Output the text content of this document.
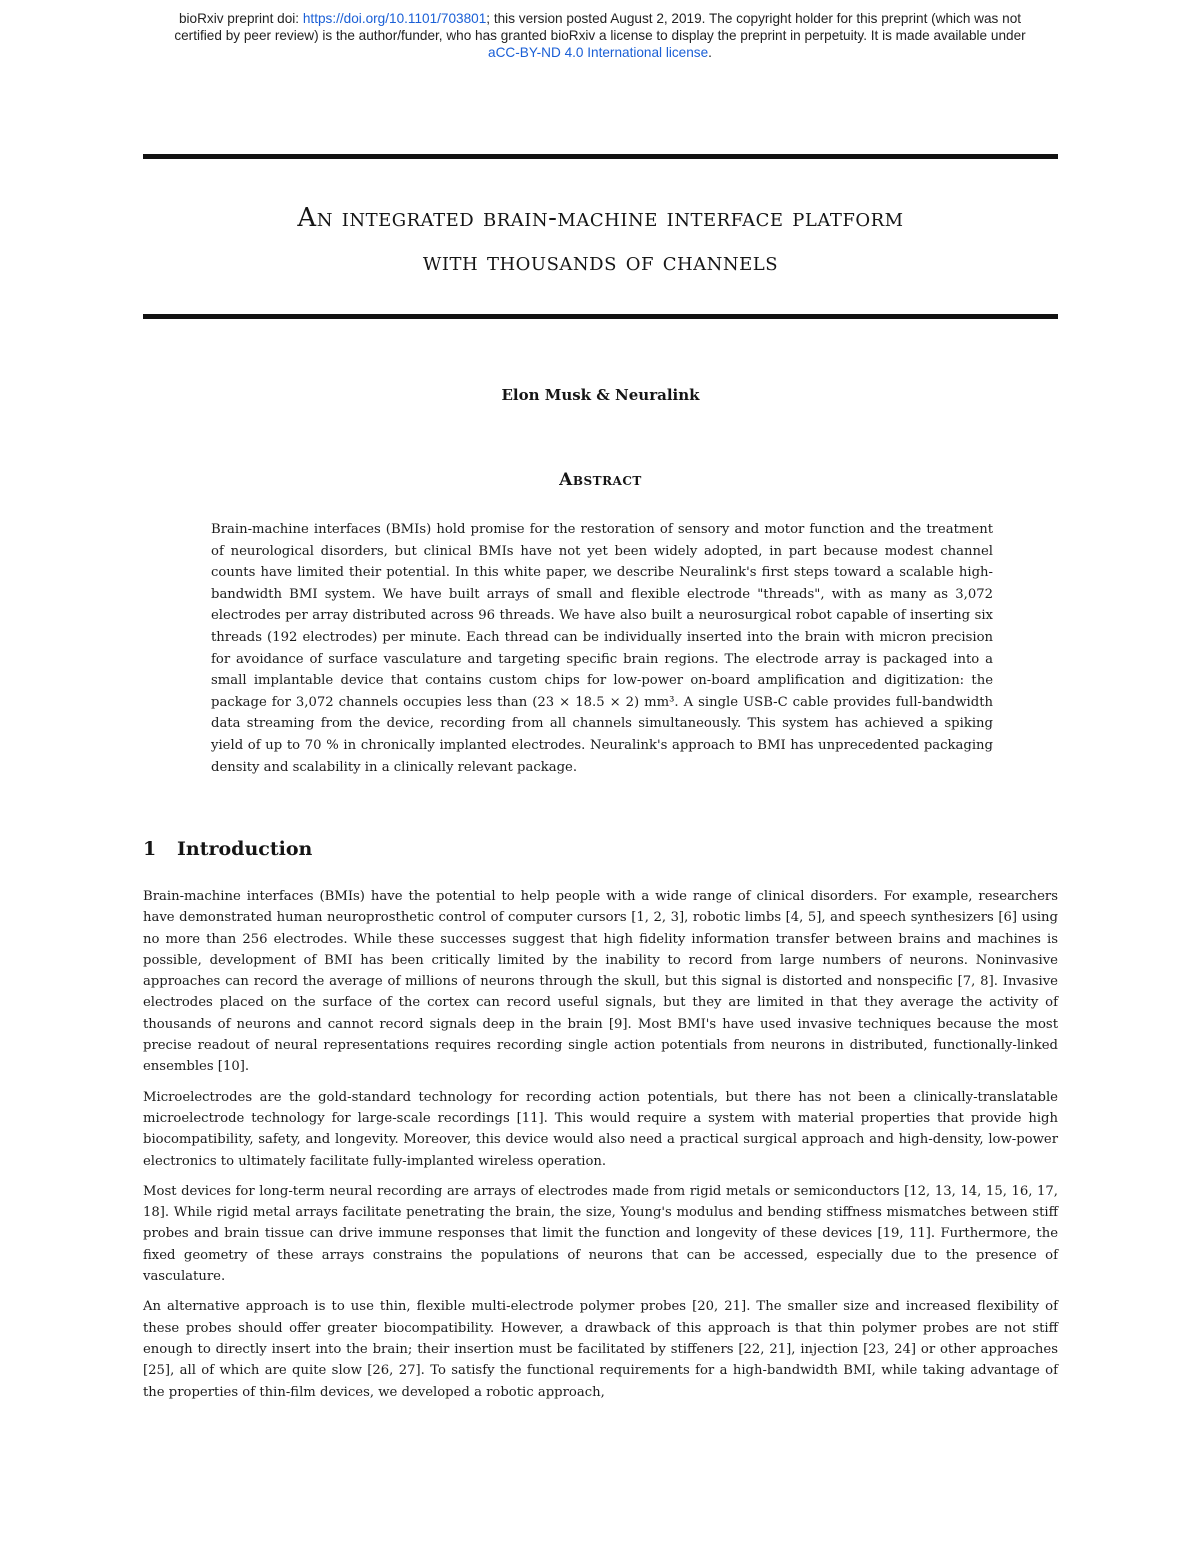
bioRxiv preprint doi: https://doi.org/10.1101/703801; this version posted August 2, 2019. The copyright holder for this preprint (which was not
certified by peer review) is the author/funder, who has granted bioRxiv a license to display the preprint in perpetuity. It is made available under
aCC-BY-ND 4.0 International license.
An integrated brain-machine interface platform
with thousands of channels
Elon Musk & Neuralink
Abstract

Brain-machine interfaces (BMIs) hold promise for the restoration of sensory and motor function and the treatment of neurological disorders, but clinical BMIs have not yet been widely adopted, in part because modest channel counts have limited their potential. In this white paper, we describe Neuralink's first steps toward a scalable high-bandwidth BMI system. We have built arrays of small and flexible electrode "threads", with as many as 3,072 electrodes per array distributed across 96 threads. We have also built a neurosurgical robot capable of inserting six threads (192 electrodes) per minute. Each thread can be individually inserted into the brain with micron precision for avoidance of surface vasculature and targeting specific brain regions. The electrode array is packaged into a small implantable device that contains custom chips for low-power on-board amplification and digitization: the package for 3,072 channels occupies less than (23 × 18.5 × 2) mm³. A single USB-C cable provides full-bandwidth data streaming from the device, recording from all channels simultaneously. This system has achieved a spiking yield of up to 70 % in chronically implanted electrodes. Neuralink's approach to BMI has unprecedented packaging density and scalability in a clinically relevant package.

1 Introduction

Brain-machine interfaces (BMIs) have the potential to help people with a wide range of clinical disorders. For example, researchers have demonstrated human neuroprosthetic control of computer cursors [1, 2, 3], robotic limbs [4, 5], and speech synthesizers [6] using no more than 256 electrodes. While these successes suggest that high fidelity information transfer between brains and machines is possible, development of BMI has been critically limited by the inability to record from large numbers of neurons. Noninvasive approaches can record the average of millions of neurons through the skull, but this signal is distorted and nonspecific [7, 8]. Invasive electrodes placed on the surface of the cortex can record useful signals, but they are limited in that they average the activity of thousands of neurons and cannot record signals deep in the brain [9]. Most BMI's have used invasive techniques because the most precise readout of neural representations requires recording single action potentials from neurons in distributed, functionally-linked ensembles [10].

Microelectrodes are the gold-standard technology for recording action potentials, but there has not been a clinically-translatable microelectrode technology for large-scale recordings [11]. This would require a system with material properties that provide high biocompatibility, safety, and longevity. Moreover, this device would also need a practical surgical approach and high-density, low-power electronics to ultimately facilitate fully-implanted wireless operation.

Most devices for long-term neural recording are arrays of electrodes made from rigid metals or semiconductors [12, 13, 14, 15, 16, 17, 18]. While rigid metal arrays facilitate penetrating the brain, the size, Young's modulus and bending stiffness mismatches between stiff probes and brain tissue can drive immune responses that limit the function and longevity of these devices [19, 11]. Furthermore, the fixed geometry of these arrays constrains the populations of neurons that can be accessed, especially due to the presence of vasculature.

An alternative approach is to use thin, flexible multi-electrode polymer probes [20, 21]. The smaller size and increased flexibility of these probes should offer greater biocompatibility. However, a drawback of this approach is that thin polymer probes are not stiff enough to directly insert into the brain; their insertion must be facilitated by stiffeners [22, 21], injection [23, 24] or other approaches [25], all of which are quite slow [26, 27]. To satisfy the functional requirements for a high-bandwidth BMI, while taking advantage of the properties of thin-film devices, we developed a robotic approach,
